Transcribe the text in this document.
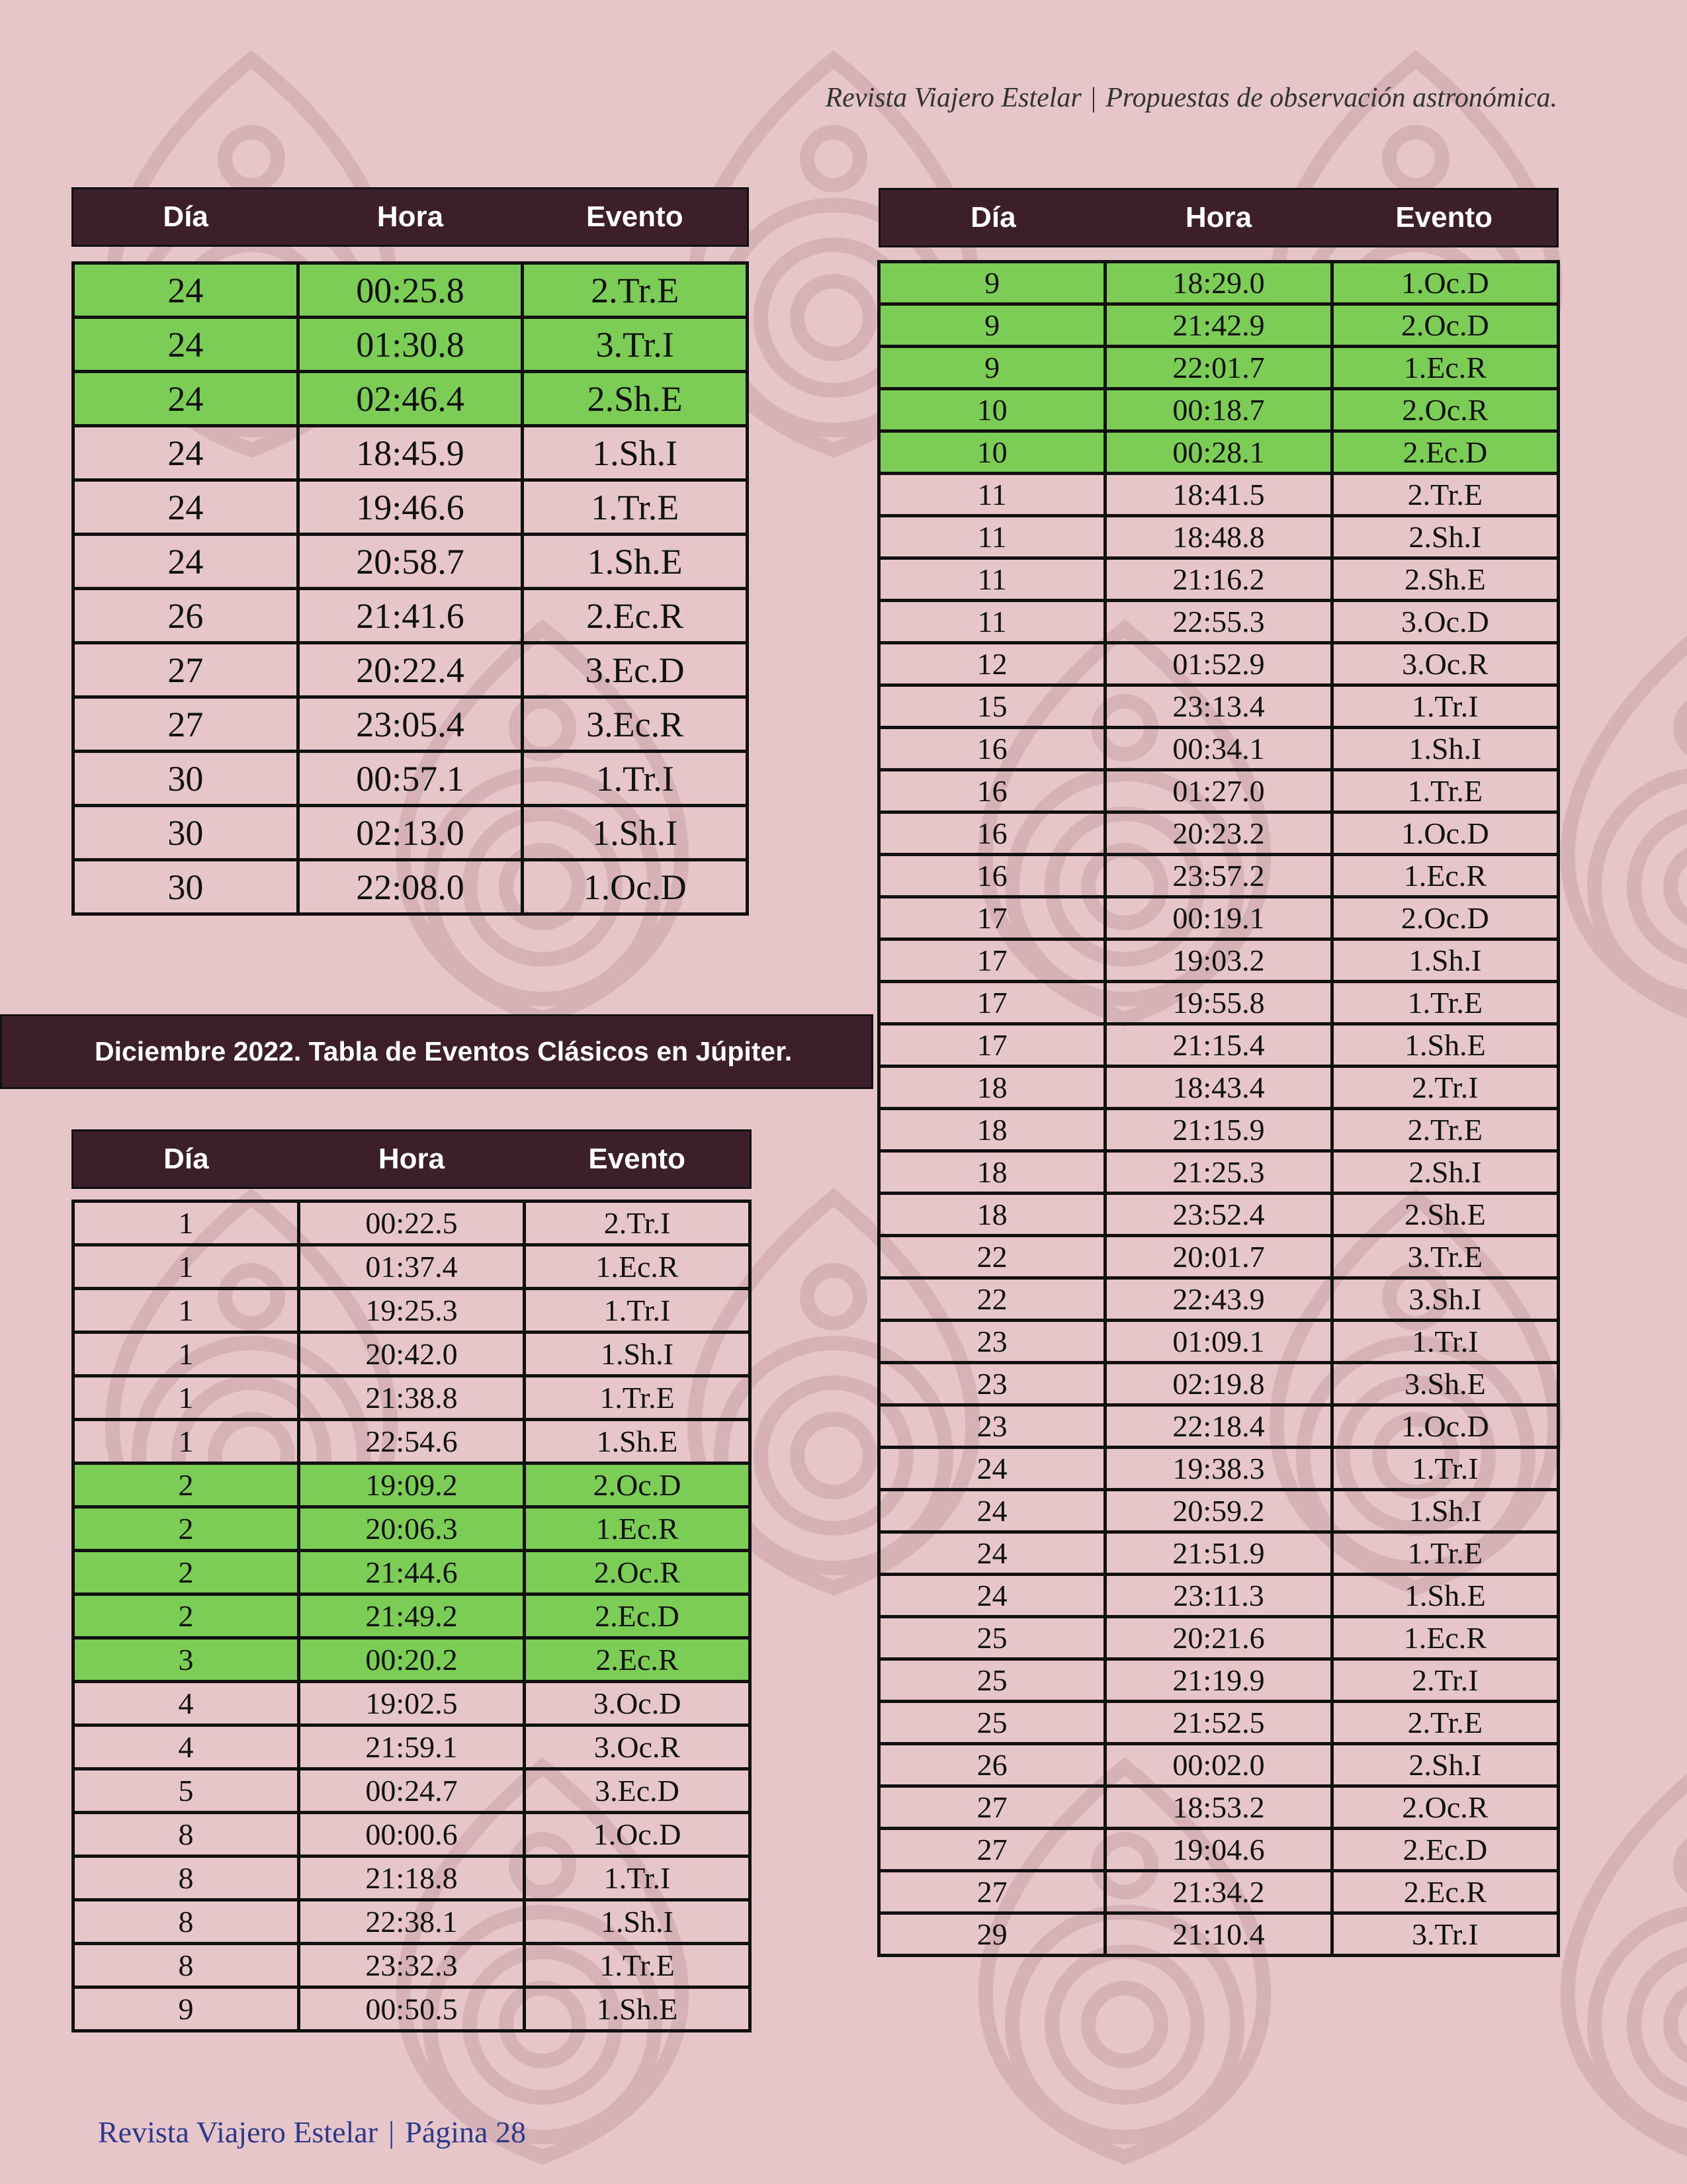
Revista Viajero Estelar | Propuestas de observación astronómica.
Día	Hora	Evento
24	00:25.8	2.Tr.E
24	01:30.8	3.Tr.I
24	02:46.4	2.Sh.E
24	18:45.9	1.Sh.I
24	19:46.6	1.Tr.E
24	20:58.7	1.Sh.E
26	21:41.6	2.Ec.R
27	20:22.4	3.Ec.D
27	23:05.4	3.Ec.R
30	00:57.1	1.Tr.I
30	02:13.0	1.Sh.I
30	22:08.0	1.Oc.D
Diciembre 2022. Tabla de Eventos Clásicos en Júpiter.
Día	Hora	Evento
1	00:22.5	2.Tr.I
1	01:37.4	1.Ec.R
1	19:25.3	1.Tr.I
1	20:42.0	1.Sh.I
1	21:38.8	1.Tr.E
1	22:54.6	1.Sh.E
2	19:09.2	2.Oc.D
2	20:06.3	1.Ec.R
2	21:44.6	2.Oc.R
2	21:49.2	2.Ec.D
3	00:20.2	2.Ec.R
4	19:02.5	3.Oc.D
4	21:59.1	3.Oc.R
5	00:24.7	3.Ec.D
8	00:00.6	1.Oc.D
8	21:18.8	1.Tr.I
8	22:38.1	1.Sh.I
8	23:32.3	1.Tr.E
9	00:50.5	1.Sh.E
Día	Hora	Evento
9	18:29.0	1.Oc.D
9	21:42.9	2.Oc.D
9	22:01.7	1.Ec.R
10	00:18.7	2.Oc.R
10	00:28.1	2.Ec.D
11	18:41.5	2.Tr.E
11	18:48.8	2.Sh.I
11	21:16.2	2.Sh.E
11	22:55.3	3.Oc.D
12	01:52.9	3.Oc.R
15	23:13.4	1.Tr.I
16	00:34.1	1.Sh.I
16	01:27.0	1.Tr.E
16	20:23.2	1.Oc.D
16	23:57.2	1.Ec.R
17	00:19.1	2.Oc.D
17	19:03.2	1.Sh.I
17	19:55.8	1.Tr.E
17	21:15.4	1.Sh.E
18	18:43.4	2.Tr.I
18	21:15.9	2.Tr.E
18	21:25.3	2.Sh.I
18	23:52.4	2.Sh.E
22	20:01.7	3.Tr.E
22	22:43.9	3.Sh.I
23	01:09.1	1.Tr.I
23	02:19.8	3.Sh.E
23	22:18.4	1.Oc.D
24	19:38.3	1.Tr.I
24	20:59.2	1.Sh.I
24	21:51.9	1.Tr.E
24	23:11.3	1.Sh.E
25	20:21.6	1.Ec.R
25	21:19.9	2.Tr.I
25	21:52.5	2.Tr.E
26	00:02.0	2.Sh.I
27	18:53.2	2.Oc.R
27	19:04.6	2.Ec.D
27	21:34.2	2.Ec.R
29	21:10.4	3.Tr.I
Revista Viajero Estelar | Página 28
